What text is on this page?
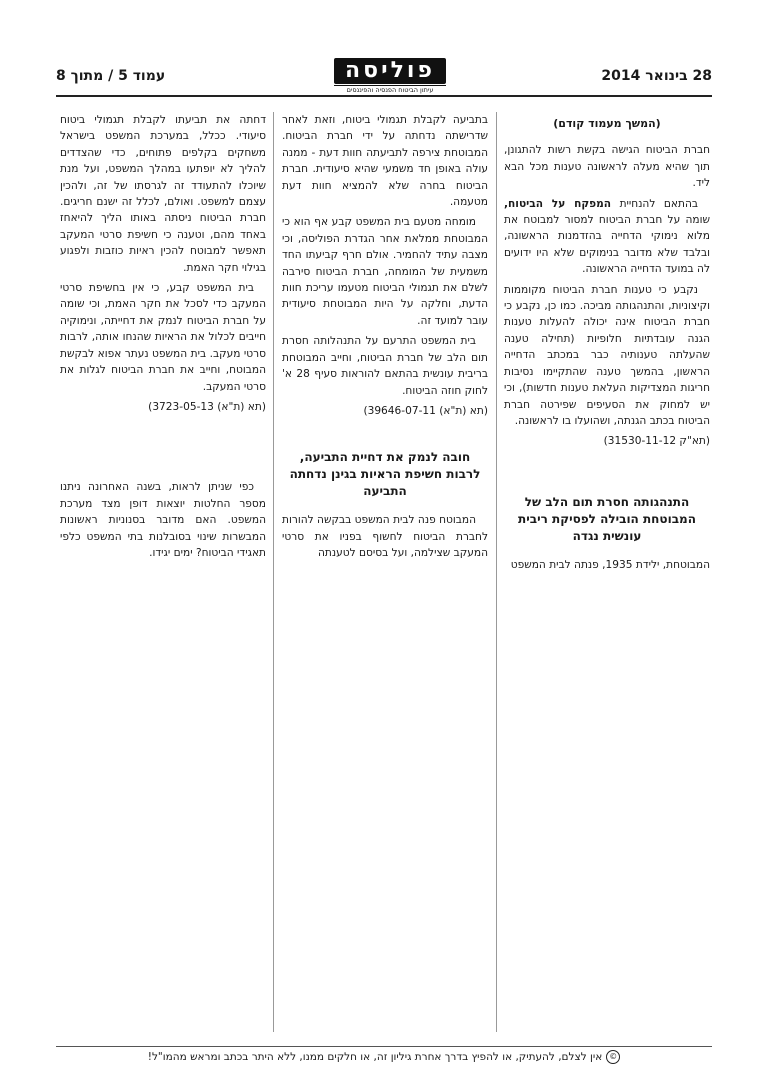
28 בינואר 2014
פוליסה
עיתון הביטוח הפנסיה והפיננסים
עמוד 5 / מתוך 8
(המשך מעמוד קודם)

חברת הביטוח הגישה בקשת רשות להתגונן, תוך שהיא מעלה לראשונה טענות מכל הבא ליד.

בהתאם להנחיית המפקח על הביטוח, שומה על חברת הביטוח למסור למבוטח את מלוא נימוקי הדחייה בהזדמנות הראשונה, ובלבד שלא מדובר בנימוקים שלא היו ידועים לה במועד הדחייה הראשונה.

נקבע כי טענות חברת הביטוח מקוממות וקיצוניות, והתנהגותה מביכה. כמו כן, נקבע כי חברת הביטוח אינה יכולה להעלות טענות הגנה עובדתיות חלופיות (תחילה טענה שהעלתה טענותיה כבר במכתב הדחייה הראשון, בהמשך טענה שהתקיימו נסיבות חריגות המצדיקות העלאת טענות חדשות), וכי יש למחוק את הסעיפים שפירטה חברת הביטוח בכתב הגנתה, ושהועלו בו לראשונה.

(תא"ק 31530-11-12)

התנהגותה חסרת תום הלב של המבוטחת הובילה לפסיקת ריבית עונשית נגדה

המבוטחת, ילידת 1935, פנתה לבית המשפט

בתביעה לקבלת תגמולי ביטוח, וזאת לאחר שדרישתה נדחתה על ידי חברת הביטוח. המבוטחת צירפה לתביעתה חוות דעת - ממנה עולה באופן חד משמעי שהיא סיעודית. חברת הביטוח בחרה שלא להמציא חוות דעת מטעמה.

מומחה מטעם בית המשפט קבע אף הוא כי המבוטחת ממלאת אחר הגדרת הפוליסה, וכי מצבה עתיד להחמיר. אולם חרף קביעתו החד משמעית של המומחה, חברת הביטוח סירבה לשלם את תגמולי הביטוח מטעמו עריכת חוות הדעת, וחלקה על היות המבוטחת סיעודית עובר למועד זה.

בית המשפט התרעם על התנהלותה חסרת תום הלב של חברת הביטוח, וחייב המבוטחת בריבית עונשית בהתאם להוראות סעיף 28 א' לחוק חוזה הביטוח.

(תא (ת"א) 39646-07-11)

חובה לנמק את דחיית התביעה, לרבות חשיפת הראיות בגינן נדחתה התביעה

המבוטח פנה לבית המשפט בבקשה להורות לחברת הביטוח לחשוף בפניו את סרטי המעקב שצילמה, ועל בסיסם לטענתה

דחתה את תביעתו לקבלת תגמולי ביטוח סיעודי. ככלל, במערכת המשפט בישראל משחקים בקלפים פתוחים, כדי שהצדדים להליך לא יופתעו במהלך המשפט, ועל מנת שיוכלו להתעודד זה לגרסתו של זה, ולהכין עצמם למשפט. ואולם, לכלל זה ישנם חריגים. חברת הביטוח ניסתה באותו הליך להיאחז באחד מהם, וטענה כי חשיפת סרטי המעקב תאפשר למבוטח להכין ראיות כוזבות ולפגוע בגילוי חקר האמת.

בית המשפט קבע, כי אין בחשיפת סרטי המעקב כדי לסכל את חקר האמת, וכי שומה על חברת הביטוח לנמק את דחייתה, ונימוקיה חייבים לכלול את הראיות שהנחו אותה, לרבות סרטי מעקב. בית המשפט נעתר אפוא לבקשת המבוטח, וחייב את חברת הביטוח לגלות את סרטי המעקב.

(תא (ת"א) 3723-05-13)

כפי שניתן לראות, בשנה האחרונה ניתנו מספר החלטות יוצאות דופן מצד מערכת המשפט. האם מדובר בסנוניות ראשונות המבשרות שינוי בסובלנות בתי המשפט כלפי תאגידי הביטוח? ימים יגידו.

©אין לצלם, להעתיק, או להפיץ בדרך אחרת גיליון זה, או חלקים ממנו, ללא היתר בכתב ומראש מהמו"ל!
